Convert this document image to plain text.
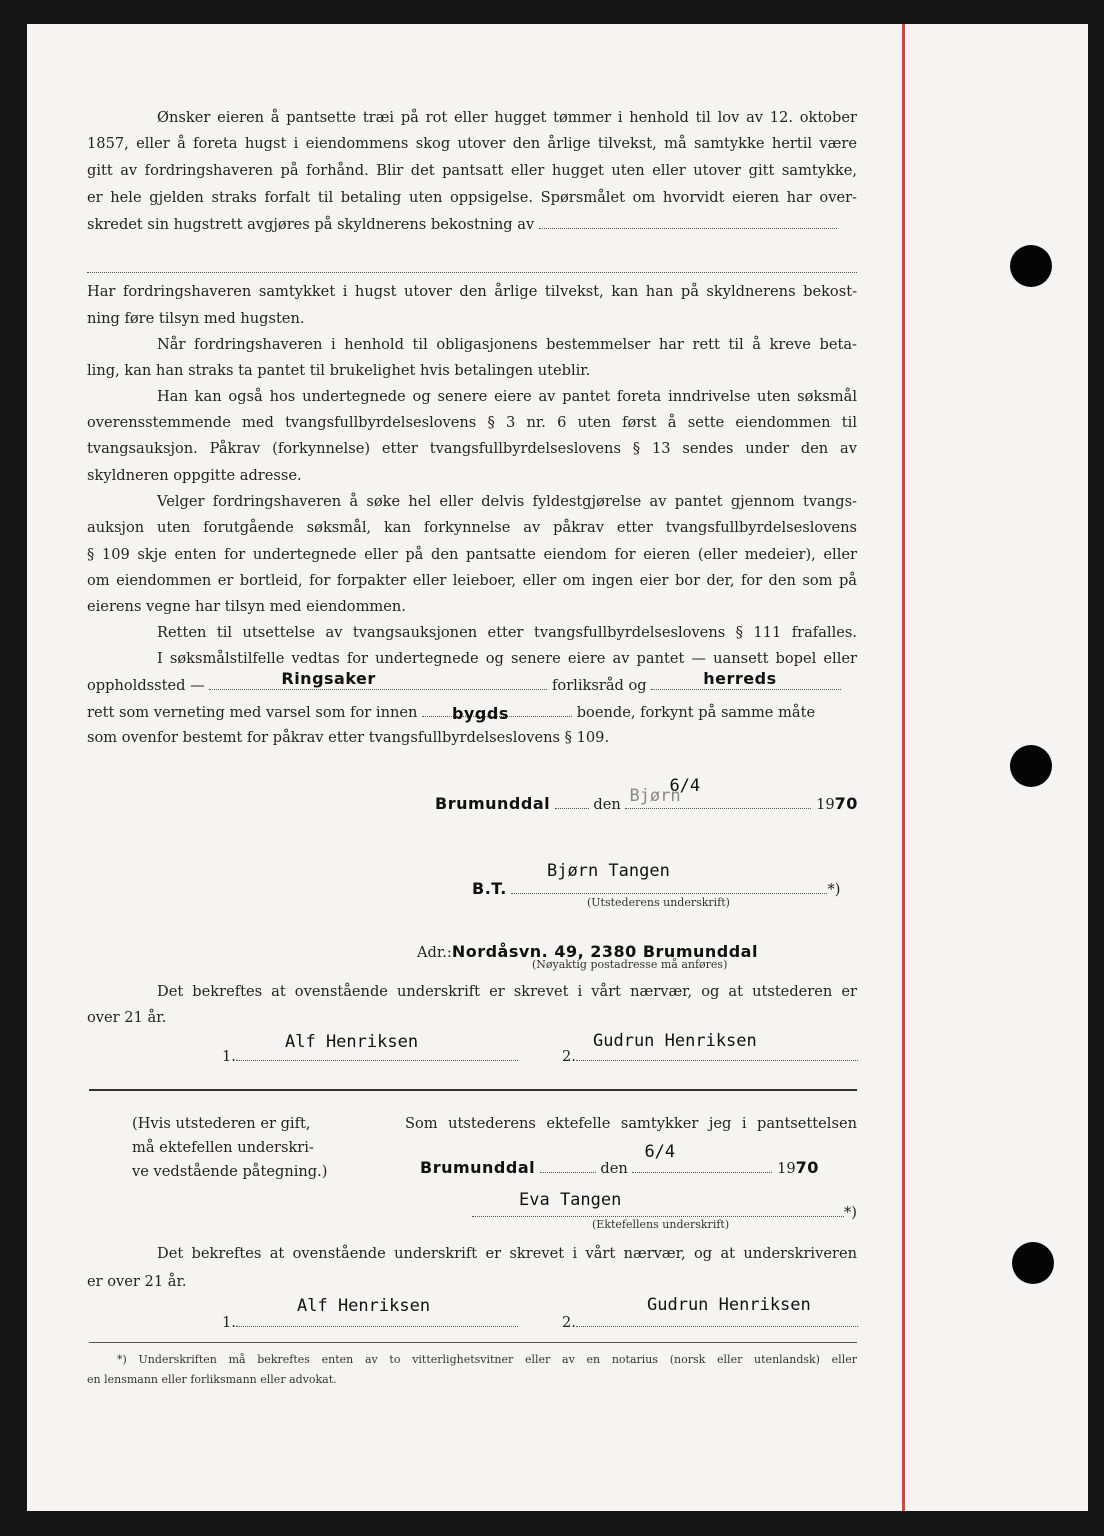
Ønsker eieren å pantsette træi på rot eller hugget tømmer i henhold til lov av 12. oktober
1857, eller å foreta hugst i eiendommens skog utover den årlige tilvekst, må samtykke hertil være
gitt av fordringshaveren på forhånd. Blir det pantsatt eller hugget uten eller utover gitt samtykke,
er hele gjelden straks forfalt til betaling uten oppsigelse. Spørsmålet om hvorvidt eieren har over-
skredet sin hugstrett avgjøres på skyldnerens bekostning av
Har fordringshaveren samtykket i hugst utover den årlige tilvekst, kan han på skyldnerens bekost-
ning føre tilsyn med hugsten.
Når fordringshaveren i henhold til obligasjonens bestemmelser har rett til å kreve beta-
ling, kan han straks ta pantet til brukelighet hvis betalingen uteblir.
Han kan også hos undertegnede og senere eiere av pantet foreta inndrivelse uten søksmål
overensstemmende med tvangsfullbyrdelseslovens § 3 nr. 6 uten først å sette eiendommen til
tvangsauksjon. Påkrav (forkynnelse) etter tvangsfullbyrdelseslovens § 13 sendes under den av
skyldneren oppgitte adresse.
Velger fordringshaveren å søke hel eller delvis fyldestgjørelse av pantet gjennom tvangs-
auksjon uten forutgående søksmål, kan forkynnelse av påkrav etter tvangsfullbyrdelseslovens
§ 109 skje enten for undertegnede eller på den pantsatte eiendom for eieren (eller medeier), eller
om eiendommen er bortleid, for forpakter eller leieboer, eller om ingen eier bor der, for den som på
eierens vegne har tilsyn med eiendommen.
Retten til utsettelse av tvangsauksjonen etter tvangsfullbyrdelseslovens § 111 frafalles.
I søksmålstilfelle vedtas for undertegnede og senere eiere av pantet — uansett bopel eller
oppholdssted —	Ringsaker	forliksråd og	herreds
rett som verneting med varsel som for innen bygds	boende, forkynt på samme måte
som ovenfor bestemt for påkrav etter tvangsfullbyrdelseslovens § 109.
Brumunddal	den Bjørn
6/4
1970
Bjørn Tangen
B.T.	*)
(Utstederens underskrift)
Adr.:Nordåsvn. 49, 2380 Brumunddal
(Nøyaktig postadresse må anføres)
Det bekreftes at ovenstående underskrift er skrevet i vårt nærvær, og at utstederen er
over 21 år.
Alf Henriksen	Gudrun Henriksen
1.	2.
(Hvis utstederen er gift,
må ektefellen underskri-
ve vedstående påtegning.)
Som utstederens ektefelle samtykker jeg i pantsettelsen
Brumunddal	den
6/4
1970
Eva Tangen
*)
(Ektefellens underskrift)
Det bekreftes at ovenstående underskrift er skrevet i vårt nærvær, og at underskriveren
er over 21 år.
Alf Henriksen	Gudrun Henriksen
1.	2.
*) Underskriften må bekreftes enten av to vitterlighetsvitner eller av en notarius (norsk eller utenlandsk) eller
en lensmann eller forliksmann eller advokat.
